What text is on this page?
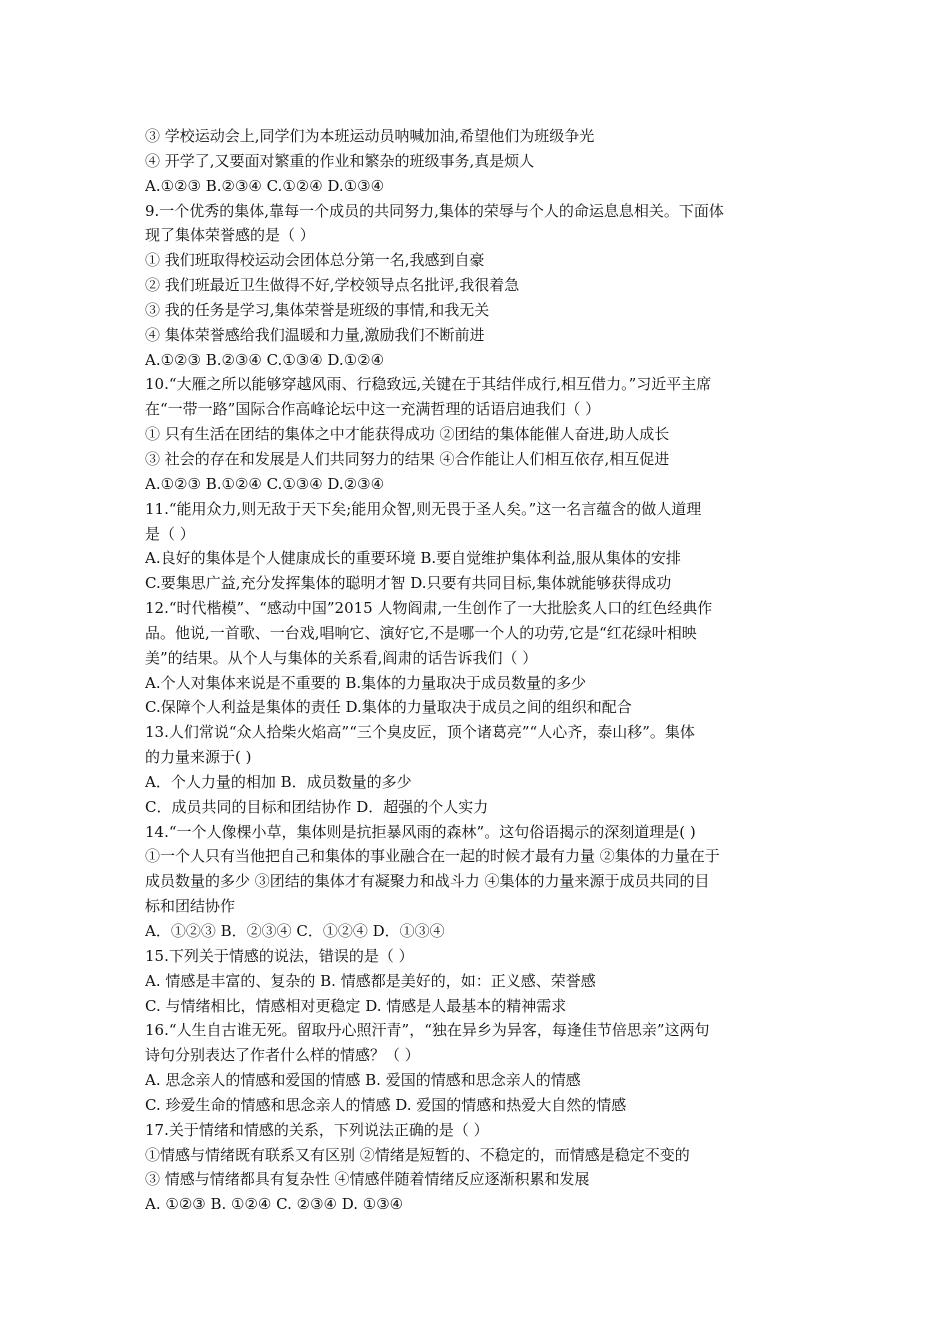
③ 学校运动会上,同学们为本班运动员呐喊加油,希望他们为班级争光
④ 开学了,又要面对繁重的作业和繁杂的班级事务,真是烦人
A.①②③ B.②③④ C.①②④ D.①③④
9.一个优秀的集体,靠每一个成员的共同努力,集体的荣辱与个人的命运息息相关。下面体
现了集体荣誉感的是（ ）
① 我们班取得校运动会团体总分第一名,我感到自豪
② 我们班最近卫生做得不好,学校领导点名批评,我很着急
③ 我的任务是学习,集体荣誉是班级的事情,和我无关
④ 集体荣誉感给我们温暖和力量,激励我们不断前进
A.①②③ B.②③④ C.①③④ D.①②④
10.“大雁之所以能够穿越风雨、行稳致远,关键在于其结伴成行,相互借力。”习近平主席
在“一带一路”国际合作高峰论坛中这一充满哲理的话语启迪我们（ ）
① 只有生活在团结的集体之中才能获得成功 ②团结的集体能催人奋进,助人成长
③ 社会的存在和发展是人们共同努力的结果 ④合作能让人们相互依存,相互促进
A.①②③ B.①②④ C.①③④ D.②③④
11.“能用众力,则无敌于天下矣;能用众智,则无畏于圣人矣。”这一名言蕴含的做人道理
是（ ）
A.良好的集体是个人健康成长的重要环境 B.要自觉维护集体利益,服从集体的安排
C.要集思广益,充分发挥集体的聪明才智 D.只要有共同目标,集体就能够获得成功
12.“时代楷模”、“感动中国”2015 人物阎肃,一生创作了一大批脍炙人口的红色经典作
品。他说,一首歌、一台戏,唱响它、演好它,不是哪一个人的功劳,它是“红花绿叶相映
美”的结果。从个人与集体的关系看,阎肃的话告诉我们（ ）
A.个人对集体来说是不重要的 B.集体的力量取决于成员数量的多少
C.保障个人利益是集体的责任 D.集体的力量取决于成员之间的组织和配合
13.人们常说“众人拾柴火焰高”“三个臭皮匠，顶个诸葛亮”“人心齐，泰山移”。集体
的力量来源于( )
A．个人力量的相加 B．成员数量的多少
C．成员共同的目标和团结协作 D．超强的个人实力
14.“一个人像棵小草，集体则是抗拒暴风雨的森林”。这句俗语揭示的深刻道理是( )
①一个人只有当他把自己和集体的事业融合在一起的时候才最有力量 ②集体的力量在于
成员数量的多少 ③团结的集体才有凝聚力和战斗力 ④集体的力量来源于成员共同的目
标和团结协作
A．①②③ B．②③④ C．①②④ D．①③④
15.下列关于情感的说法，错误的是（ ）
A. 情感是丰富的、复杂的 B. 情感都是美好的，如：正义感、荣誉感
C. 与情绪相比，情感相对更稳定 D. 情感是人最基本的精神需求
16.“人生自古谁无死。留取丹心照汗青”，“独在异乡为异客，每逢佳节倍思亲”这两句
诗句分别表达了作者什么样的情感？（ ）
A. 思念亲人的情感和爱国的情感 B. 爱国的情感和思念亲人的情感
C. 珍爱生命的情感和思念亲人的情感 D. 爱国的情感和热爱大自然的情感
17.关于情绪和情感的关系，下列说法正确的是（ ）
①情感与情绪既有联系又有区别 ②情绪是短暂的、不稳定的，而情感是稳定不变的
③ 情感与情绪都具有复杂性 ④情感伴随着情绪反应逐渐积累和发展
A. ①②③ B. ①②④ C. ②③④ D. ①③④
